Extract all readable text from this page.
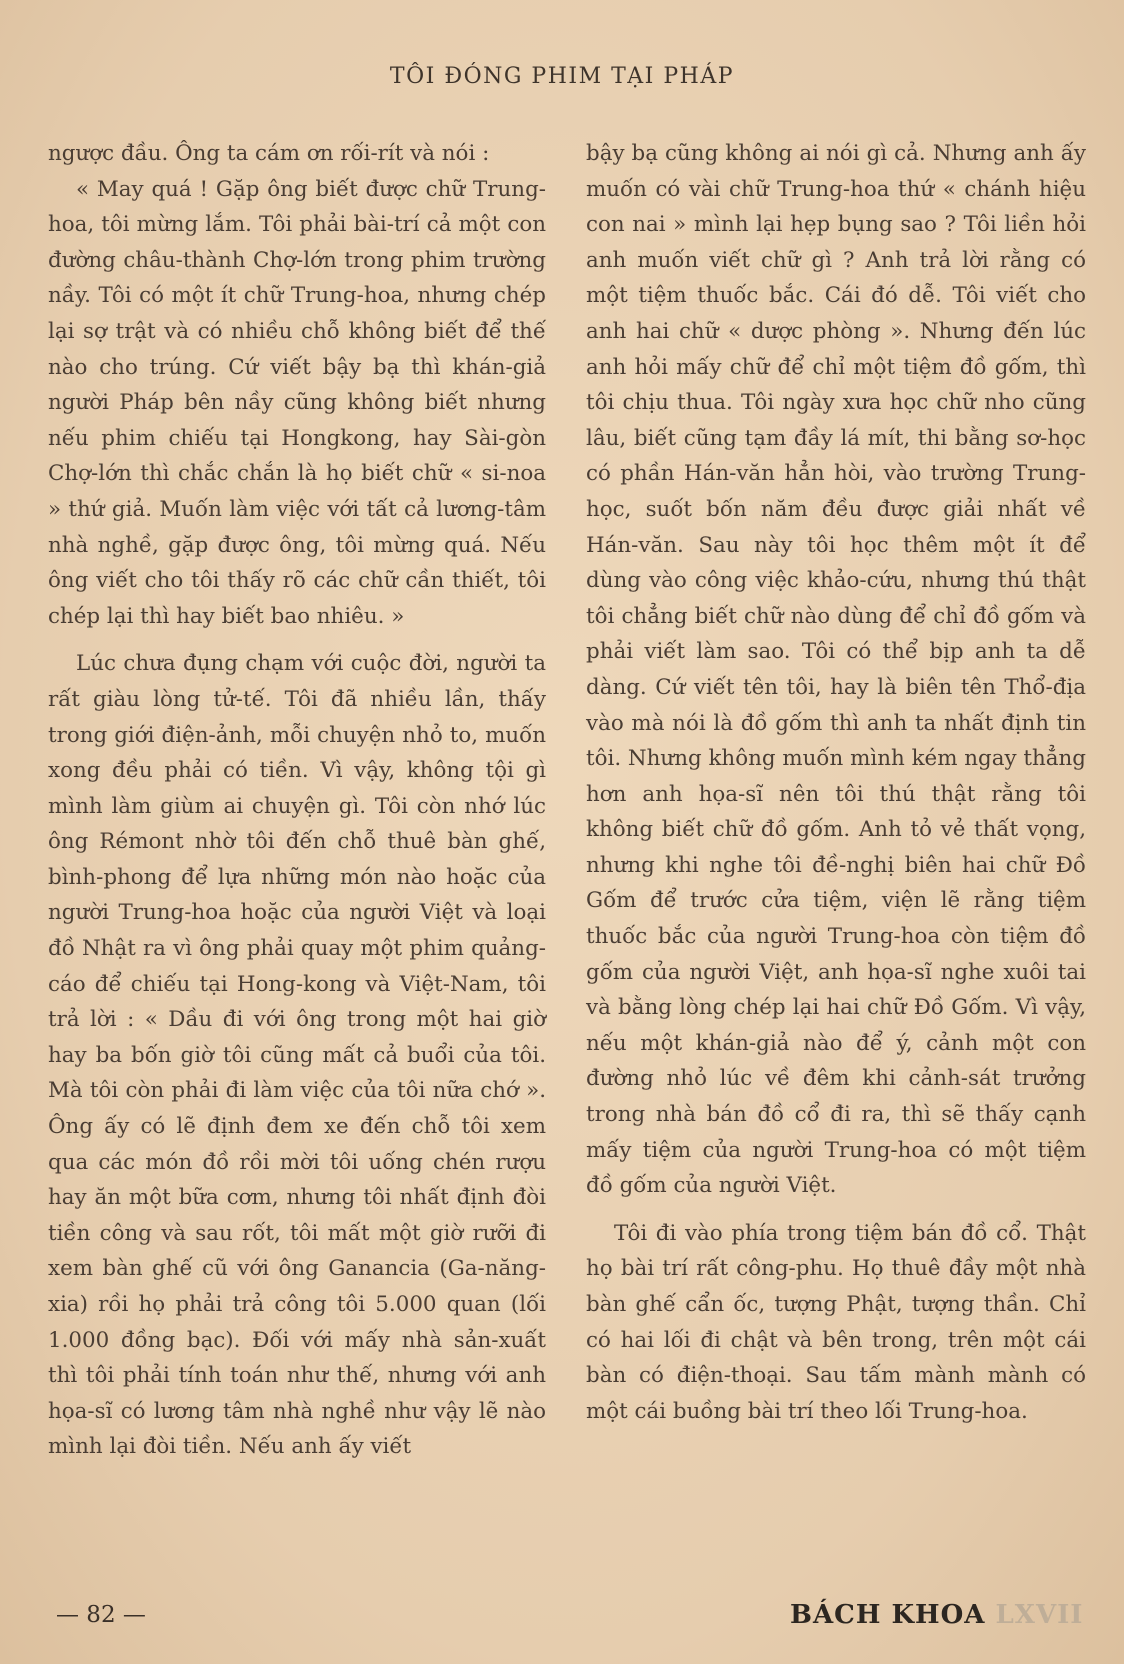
TÔI ĐÓNG PHIM TẠI PHÁP

ngược đầu. Ông ta cám ơn rối-rít và nói :

« May quá ! Gặp ông biết được chữ Trung-hoa, tôi mừng lắm. Tôi phải bài-trí cả một con đường châu-thành Chợ-lớn trong phim trường nầy. Tôi có một ít chữ Trung-hoa, nhưng chép lại sợ trật và có nhiều chỗ không biết để thế nào cho trúng. Cứ viết bậy bạ thì khán-giả người Pháp bên nầy cũng không biết nhưng nếu phim chiếu tại Hongkong, hay Sài-gòn Chợ-lớn thì chắc chắn là họ biết chữ « si-noa » thứ giả. Muốn làm việc với tất cả lương-tâm nhà nghề, gặp được ông, tôi mừng quá. Nếu ông viết cho tôi thấy rõ các chữ cần thiết, tôi chép lại thì hay biết bao nhiêu. »

Lúc chưa đụng chạm với cuộc đời, người ta rất giàu lòng tử-tế. Tôi đã nhiều lần, thấy trong giới điện-ảnh, mỗi chuyện nhỏ to, muốn xong đều phải có tiền. Vì vậy, không tội gì mình làm giùm ai chuyện gì. Tôi còn nhớ lúc ông Rémont nhờ tôi đến chỗ thuê bàn ghế, bình-phong để lựa những món nào hoặc của người Trung-hoa hoặc của người Việt và loại đồ Nhật ra vì ông phải quay một phim quảng-cáo để chiếu tại Hong-kong và Việt-Nam, tôi trả lời : « Dầu đi với ông trong một hai giờ hay ba bốn giờ tôi cũng mất cả buổi của tôi. Mà tôi còn phải đi làm việc của tôi nữa chớ ». Ông ấy có lẽ định đem xe đến chỗ tôi xem qua các món đồ rồi mời tôi uống chén rượu hay ăn một bữa cơm, nhưng tôi nhất định đòi tiền công và sau rốt, tôi mất một giờ rưỡi đi xem bàn ghế cũ với ông Ganancia (Ga-năng-xia) rồi họ phải trả công tôi 5.000 quan (lối 1.000 đồng bạc). Đối với mấy nhà sản-xuất thì tôi phải tính toán như thế, nhưng với anh họa-sĩ có lương tâm nhà nghề như vậy lẽ nào mình lại đòi tiền. Nếu anh ấy viết

bậy bạ cũng không ai nói gì cả. Nhưng anh ấy muốn có vài chữ Trung-hoa thứ « chánh hiệu con nai » mình lại hẹp bụng sao ? Tôi liền hỏi anh muốn viết chữ gì ? Anh trả lời rằng có một tiệm thuốc bắc. Cái đó dễ. Tôi viết cho anh hai chữ « dược phòng ». Nhưng đến lúc anh hỏi mấy chữ để chỉ một tiệm đồ gốm, thì tôi chịu thua. Tôi ngày xưa học chữ nho cũng lâu, biết cũng tạm đầy lá mít, thi bằng sơ-học có phần Hán-văn hẳn hòi, vào trường Trung-học, suốt bốn năm đều được giải nhất về Hán-văn. Sau này tôi học thêm một ít để dùng vào công việc khảo-cứu, nhưng thú thật tôi chẳng biết chữ nào dùng để chỉ đồ gốm và phải viết làm sao. Tôi có thể bịp anh ta dễ dàng. Cứ viết tên tôi, hay là biên tên Thổ-địa vào mà nói là đồ gốm thì anh ta nhất định tin tôi. Nhưng không muốn mình kém ngay thẳng hơn anh họa-sĩ nên tôi thú thật rằng tôi không biết chữ đồ gốm. Anh tỏ vẻ thất vọng, nhưng khi nghe tôi đề-nghị biên hai chữ Đồ Gốm để trước cửa tiệm, viện lẽ rằng tiệm thuốc bắc của người Trung-hoa còn tiệm đồ gốm của người Việt, anh họa-sĩ nghe xuôi tai và bằng lòng chép lại hai chữ Đồ Gốm. Vì vậy, nếu một khán-giả nào để ý, cảnh một con đường nhỏ lúc về đêm khi cảnh-sát trưởng trong nhà bán đồ cổ đi ra, thì sẽ thấy cạnh mấy tiệm của người Trung-hoa có một tiệm đồ gốm của người Việt.

Tôi đi vào phía trong tiệm bán đồ cổ. Thật họ bài trí rất công-phu. Họ thuê đầy một nhà bàn ghế cẩn ốc, tượng Phật, tượng thần. Chỉ có hai lối đi chật và bên trong, trên một cái bàn có điện-thoại. Sau tấm mành mành có một cái buồng bài trí theo lối Trung-hoa.

— 82 —	BÁCH KHOA LXVII
